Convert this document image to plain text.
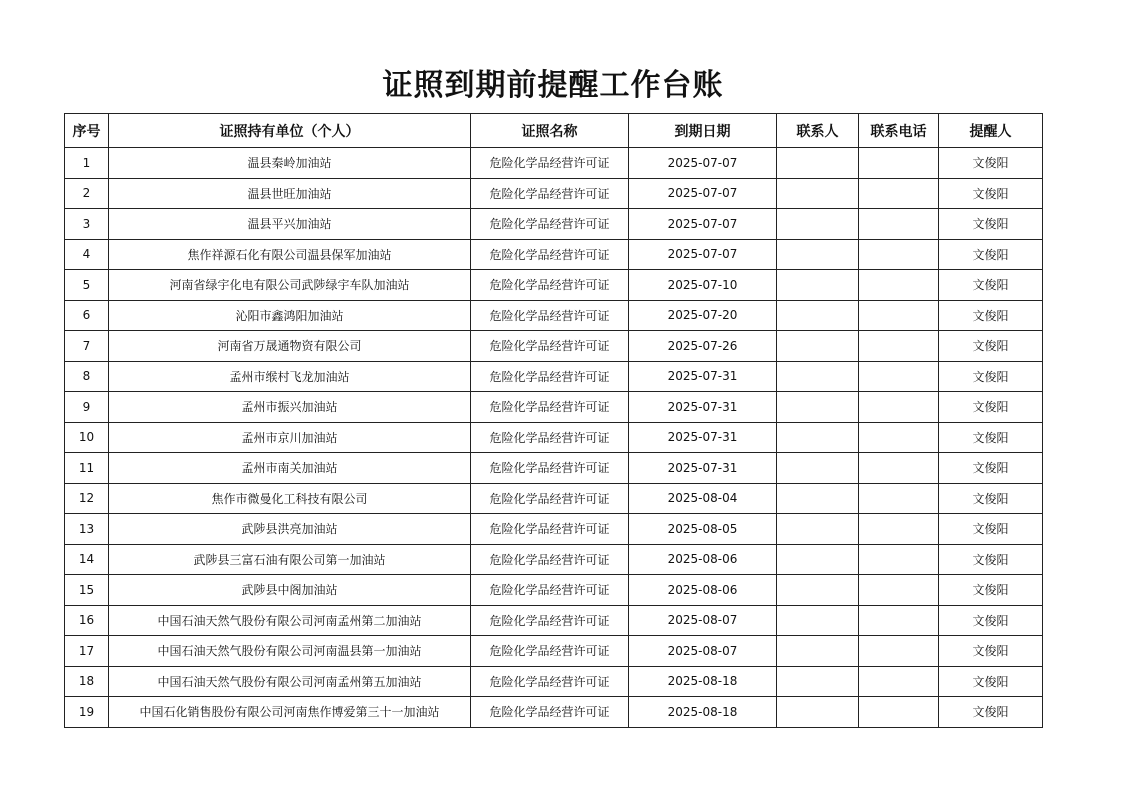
证照到期前提醒工作台账
序号	证照持有单位（个人）	证照名称	到期日期	联系人	联系电话	提醒人
1	温县秦岭加油站	危险化学品经营许可证	2025-07-07			文俊阳
2	温县世旺加油站	危险化学品经营许可证	2025-07-07			文俊阳
3	温县平兴加油站	危险化学品经营许可证	2025-07-07			文俊阳
4	焦作祥源石化有限公司温县保军加油站	危险化学品经营许可证	2025-07-07			文俊阳
5	河南省绿宇化电有限公司武陟绿宇车队加油站	危险化学品经营许可证	2025-07-10			文俊阳
6	沁阳市鑫鸿阳加油站	危险化学品经营许可证	2025-07-20			文俊阳
7	河南省万晟通物资有限公司	危险化学品经营许可证	2025-07-26			文俊阳
8	孟州市缑村飞龙加油站	危险化学品经营许可证	2025-07-31			文俊阳
9	孟州市振兴加油站	危险化学品经营许可证	2025-07-31			文俊阳
10	孟州市京川加油站	危险化学品经营许可证	2025-07-31			文俊阳
11	孟州市南关加油站	危险化学品经营许可证	2025-07-31			文俊阳
12	焦作市微曼化工科技有限公司	危险化学品经营许可证	2025-08-04			文俊阳
13	武陟县洪亮加油站	危险化学品经营许可证	2025-08-05			文俊阳
14	武陟县三富石油有限公司第一加油站	危险化学品经营许可证	2025-08-06			文俊阳
15	武陟县中阁加油站	危险化学品经营许可证	2025-08-06			文俊阳
16	中国石油天然气股份有限公司河南孟州第二加油站	危险化学品经营许可证	2025-08-07			文俊阳
17	中国石油天然气股份有限公司河南温县第一加油站	危险化学品经营许可证	2025-08-07			文俊阳
18	中国石油天然气股份有限公司河南孟州第五加油站	危险化学品经营许可证	2025-08-18			文俊阳
19	中国石化销售股份有限公司河南焦作博爱第三十一加油站	危险化学品经营许可证	2025-08-18			文俊阳
